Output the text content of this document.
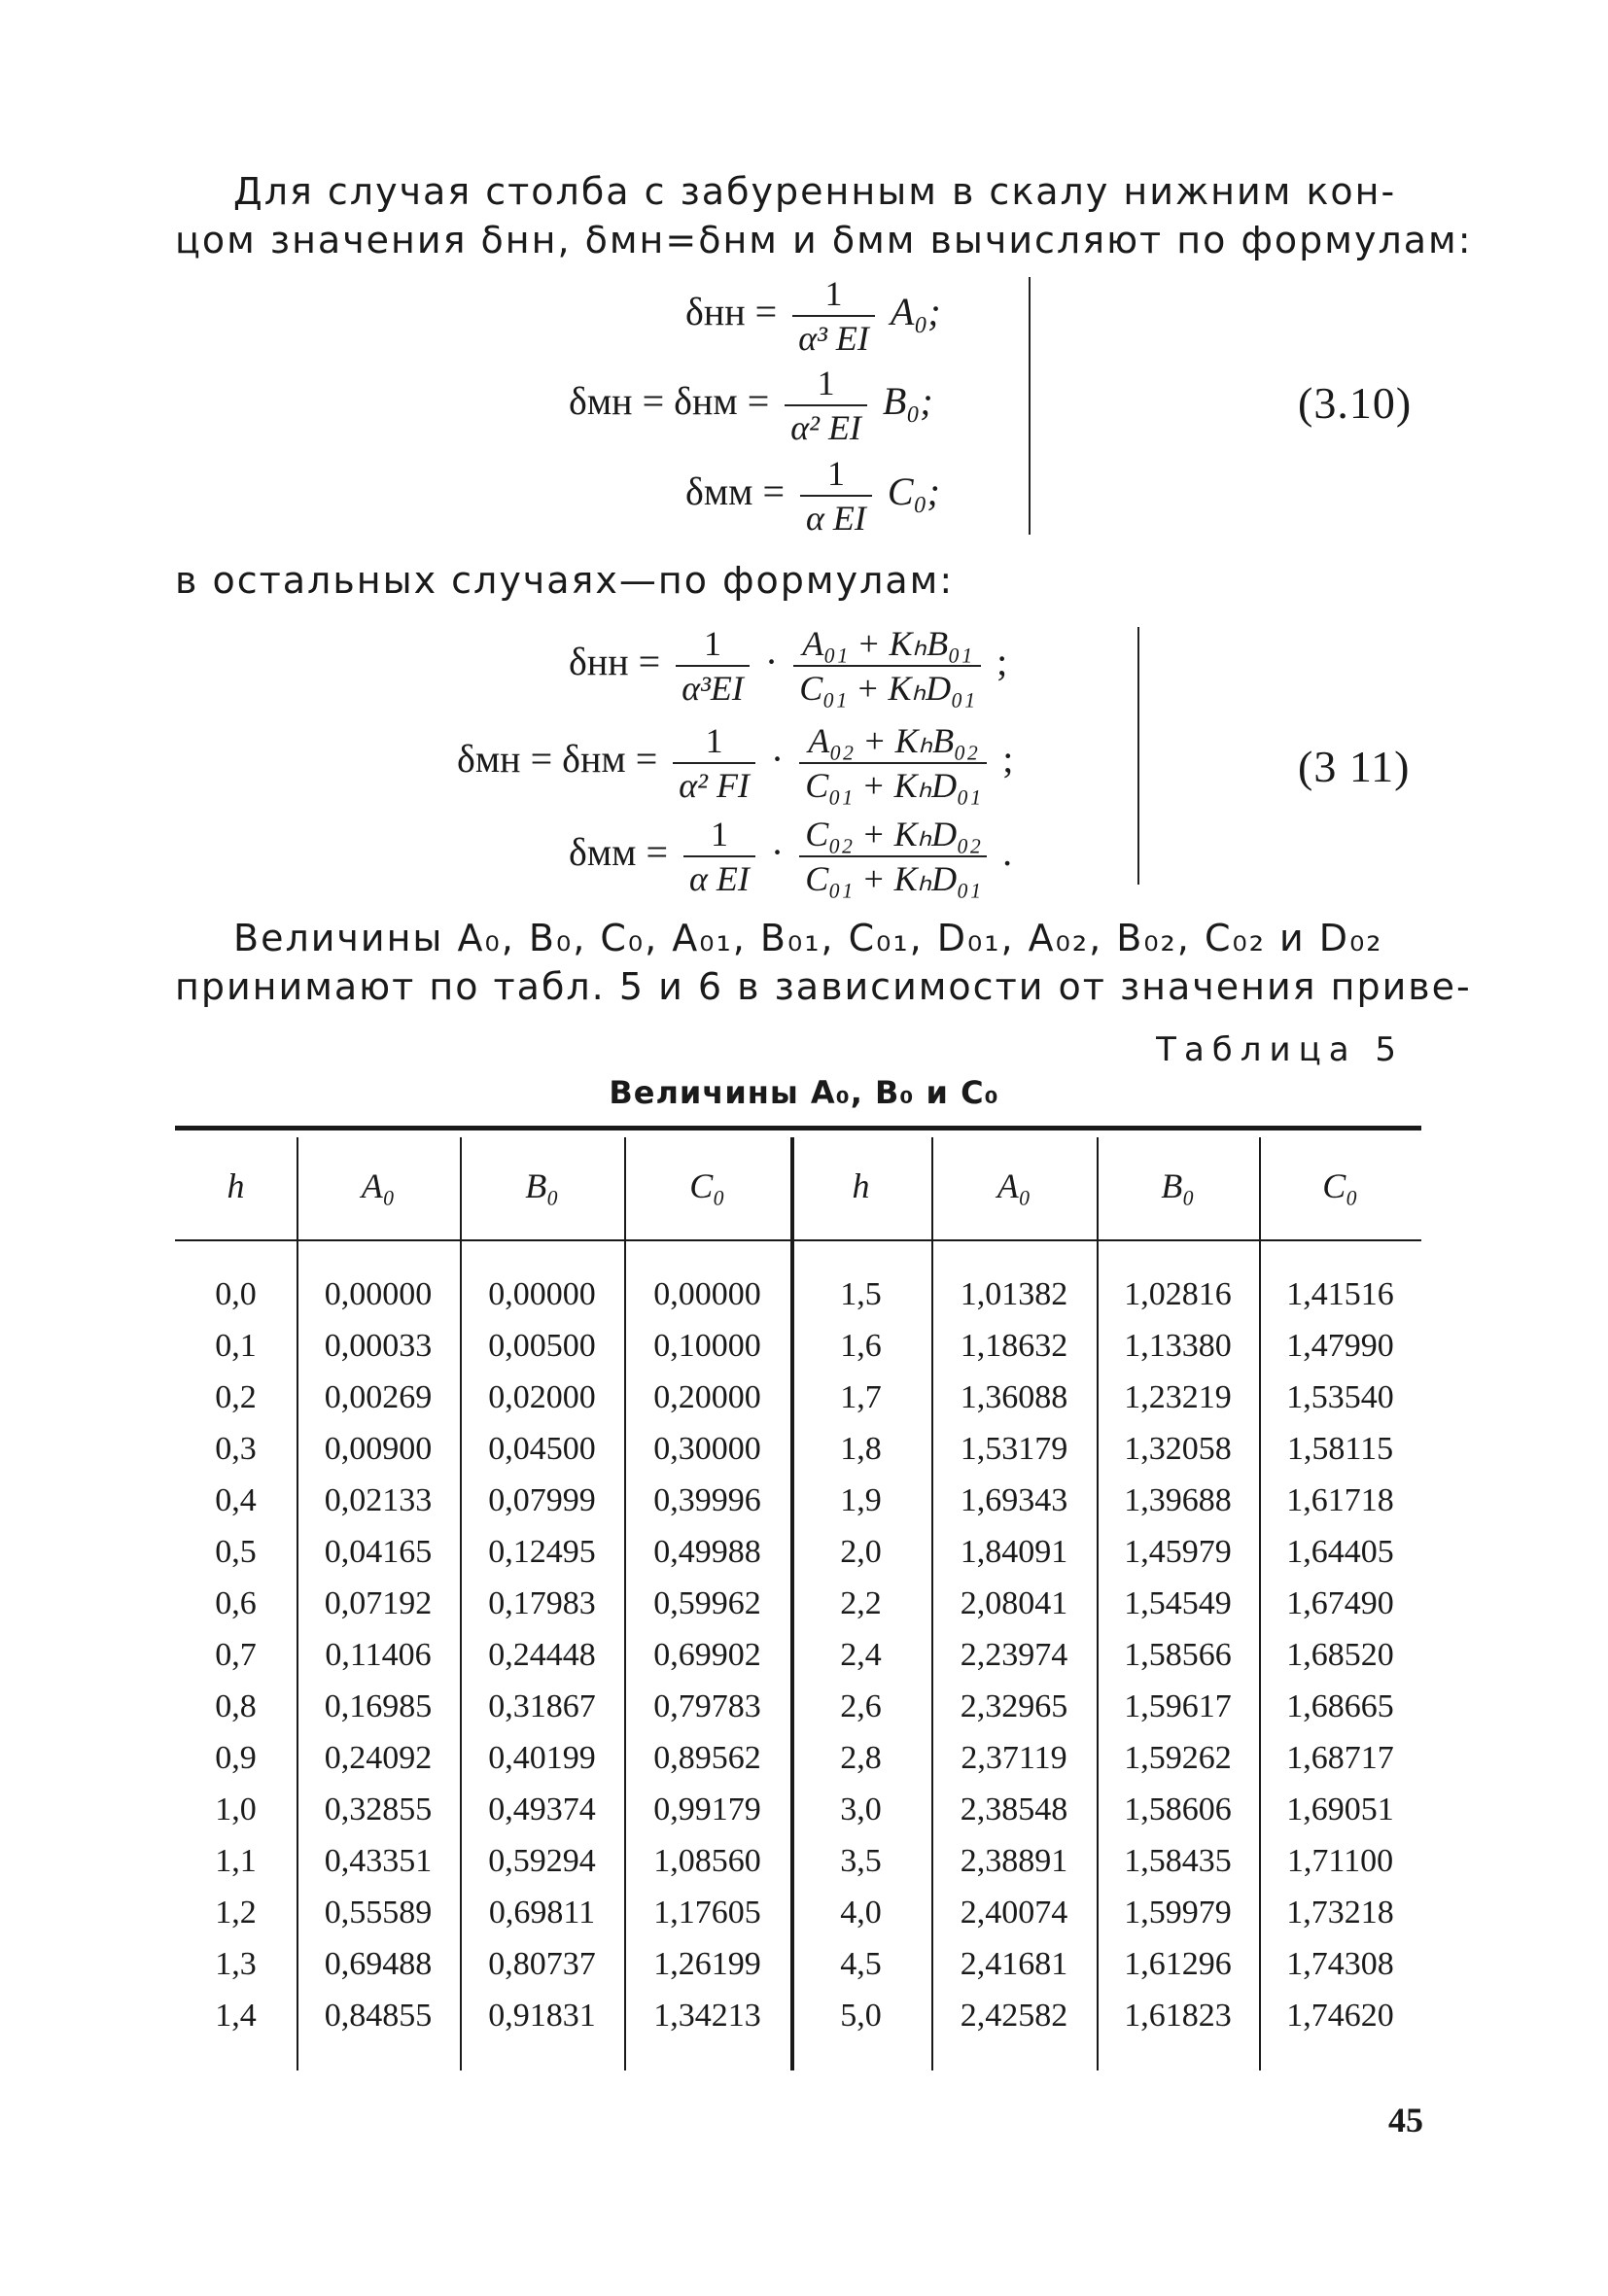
Для случая столба с забуренным в скалу нижним кон-
цом значения δнн, δмн=δнм и δмм вычисляют по формулам:
$\delta нн = \frac{1}{\text{α³ EI}} A_0$;
$\delta мн = \delta нм = \frac{1}{\text{α² EI}} B_0$;
$\delta мм = \frac{1}{\text{α EI}} C_0$;
(3.10)
в остальных случаях—по формулам:
$\delta нн = \frac{1}{\text{α³EI}} \cdot \frac{\text{A₀₁ + KₕB₀₁}}{\text{C₀₁ + KₕD₀₁}}$ ;
$\delta мн = \delta нм = \frac{1}{\text{α² FI}} \cdot \frac{\text{A₀₂ + KₕB₀₂}}{\text{C₀₁ + KₕD₀₁}}$ ;
$\delta мм = \frac{1}{\text{α EI}} \cdot \frac{\text{C₀₂ + KₕD₀₂}}{\text{C₀₁ + KₕD₀₁}}$ .
(3 11)
Величины A₀, B₀, C₀, A₀₁, B₀₁, C₀₁, D₀₁, A₀₂, B₀₂, C₀₂ и D₀₂
принимают по табл. 5 и 6 в зависимости от значения приве-
Таблица 5
Величины A₀, B₀ и C₀
h	A₀	B₀	C₀	h	A₀	B₀	C₀
0,0	0,00000	0,00000	0,00000	1,5	1,01382	1,02816	1,41516
0,1	0,00033	0,00500	0,10000	1,6	1,18632	1,13380	1,47990
0,2	0,00269	0,02000	0,20000	1,7	1,36088	1,23219	1,53540
0,3	0,00900	0,04500	0,30000	1,8	1,53179	1,32058	1,58115
0,4	0,02133	0,07999	0,39996	1,9	1,69343	1,39688	1,61718
0,5	0,04165	0,12495	0,49988	2,0	1,84091	1,45979	1,64405
0,6	0,07192	0,17983	0,59962	2,2	2,08041	1,54549	1,67490
0,7	0,11406	0,24448	0,69902	2,4	2,23974	1,58566	1,68520
0,8	0,16985	0,31867	0,79783	2,6	2,32965	1,59617	1,68665
0,9	0,24092	0,40199	0,89562	2,8	2,37119	1,59262	1,68717
1,0	0,32855	0,49374	0,99179	3,0	2,38548	1,58606	1,69051
1,1	0,43351	0,59294	1,08560	3,5	2,38891	1,58435	1,71100
1,2	0,55589	0,69811	1,17605	4,0	2,40074	1,59979	1,73218
1,3	0,69488	0,80737	1,26199	4,5	2,41681	1,61296	1,74308
1,4	0,84855	0,91831	1,34213	5,0	2,42582	1,61823	1,74620
45
